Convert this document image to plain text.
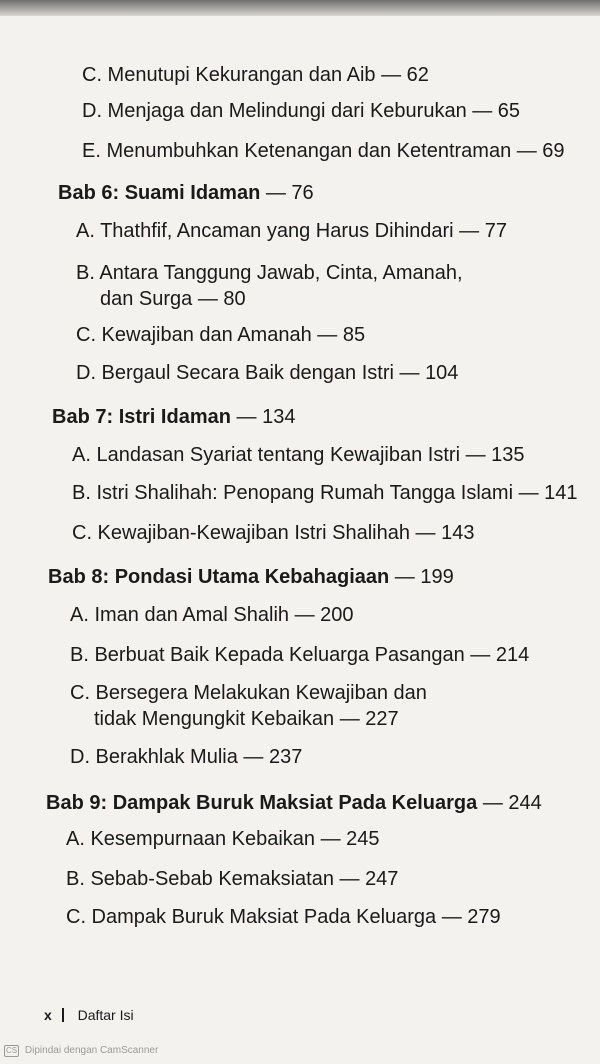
C. Menutupi Kekurangan dan Aib — 62
D. Menjaga dan Melindungi dari Keburukan — 65
E. Menumbuhkan Ketenangan dan Ketentraman — 69
Bab 6: Suami Idaman — 76
A. Thathfif, Ancaman yang Harus Dihindari — 77
B. Antara Tanggung Jawab, Cinta, Amanah,
dan Surga — 80
C. Kewajiban dan Amanah — 85
D. Bergaul Secara Baik dengan Istri — 104
Bab 7: Istri Idaman — 134
A. Landasan Syariat tentang Kewajiban Istri — 135
B. Istri Shalihah: Penopang Rumah Tangga Islami — 141
C. Kewajiban-Kewajiban Istri Shalihah — 143
Bab 8: Pondasi Utama Kebahagiaan — 199
A. Iman dan Amal Shalih — 200
B. Berbuat Baik Kepada Keluarga Pasangan — 214
C. Bersegera Melakukan Kewajiban dan
tidak Mengungkit Kebaikan — 227
D. Berakhlak Mulia — 237
Bab 9: Dampak Buruk Maksiat Pada Keluarga — 244
A. Kesempurnaan Kebaikan — 245
B. Sebab-Sebab Kemaksiatan — 247
C. Dampak Buruk Maksiat Pada Keluarga — 279
x Daftar Isi
CS Dipindai dengan CamScanner
